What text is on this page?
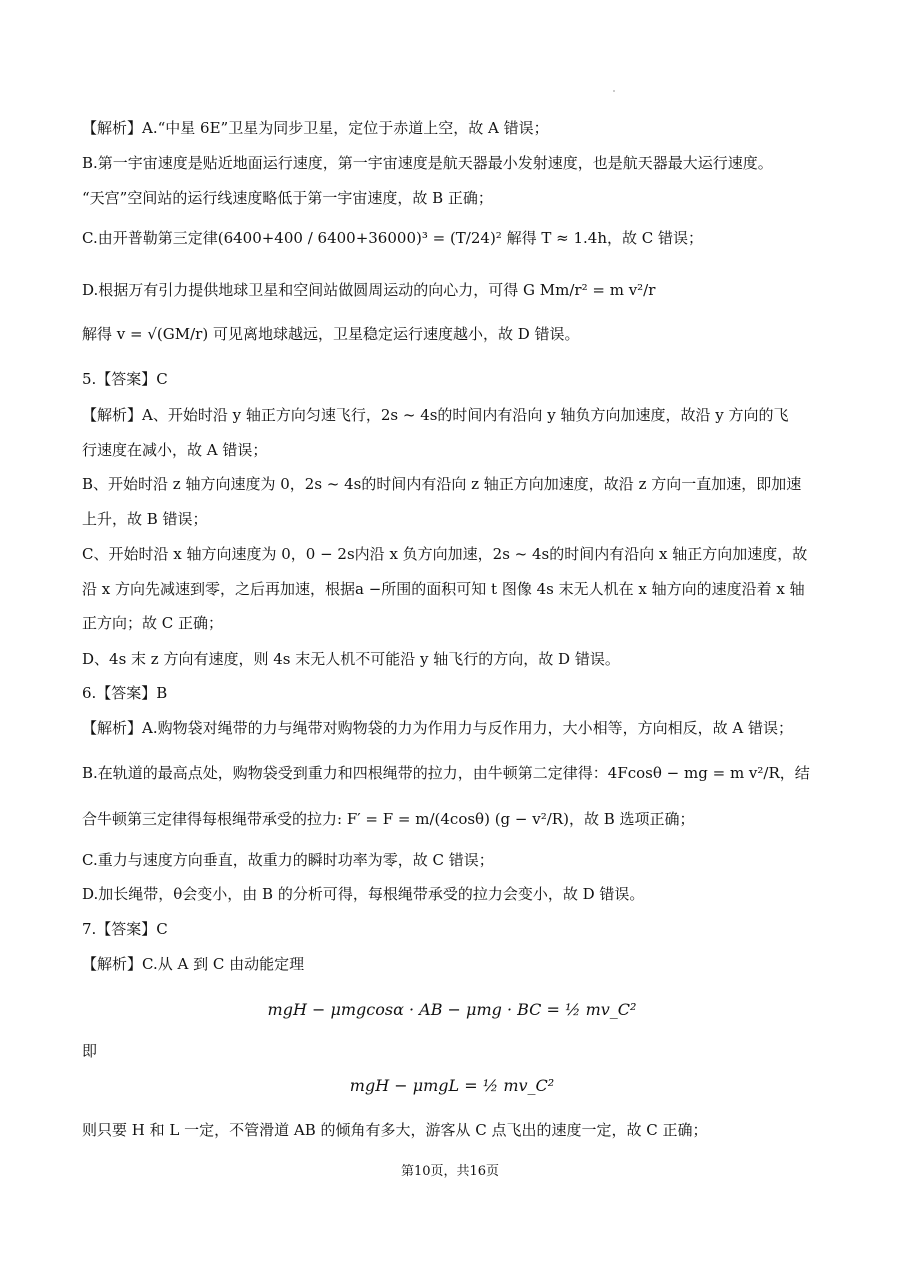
【解析】A.“中星 6E”卫星为同步卫星，定位于赤道上空，故 A 错误；
B.第一宇宙速度是贴近地面运行速度，第一宇宙速度是航天器最小发射速度，也是航天器最大运行速度。
“天宫”空间站的运行线速度略低于第一宇宙速度，故 B 正确；
C.由开普勒第三定律(6400+400 / 6400+36000)³ = (T/24)² 解得 T ≈ 1.4h，故 C 错误；
D.根据万有引力提供地球卫星和空间站做圆周运动的向心力，可得 G Mm/r² = m v²/r
解得 v = √(GM/r) 可见离地球越远，卫星稳定运行速度越小，故 D 错误。
5.【答案】C
【解析】A、开始时沿 y 轴正方向匀速飞行，2s ~ 4s的时间内有沿向 y 轴负方向加速度，故沿 y 方向的飞
行速度在减小，故 A 错误；
B、开始时沿 z 轴方向速度为 0，2s ~ 4s的时间内有沿向 z 轴正方向加速度，故沿 z 方向一直加速，即加速
上升，故 B 错误；
C、开始时沿 x 轴方向速度为 0，0 − 2s内沿 x 负方向加速，2s ~ 4s的时间内有沿向 x 轴正方向加速度，故
沿 x 方向先减速到零，之后再加速，根据a −所围的面积可知 t 图像 4s 末无人机在 x 轴方向的速度沿着 x 轴
正方向；故 C 正确；
D、4s 末 z 方向有速度，则 4s 末无人机不可能沿 y 轴飞行的方向，故 D 错误。
6.【答案】B
【解析】A.购物袋对绳带的力与绳带对购物袋的力为作用力与反作用力，大小相等，方向相反，故 A 错误；
B.在轨道的最高点处，购物袋受到重力和四根绳带的拉力，由牛顿第二定律得：4Fcosθ − mg = m v²/R，结
合牛顿第三定律得每根绳带承受的拉力: F′ = F = m/(4cosθ) (g − v²/R)，故 B 选项正确；
C.重力与速度方向垂直，故重力的瞬时功率为零，故 C 错误；
D.加长绳带，θ会变小，由 B 的分析可得，每根绳带承受的拉力会变小，故 D 错误。
7.【答案】C
【解析】C.从 A 到 C 由动能定理
mgH − μmgcosα · AB − μmg · BC = ½ mv_C²
即
mgH − μmgL = ½ mv_C²
则只要 H 和 L 一定，不管滑道 AB 的倾角有多大，游客从 C 点飞出的速度一定，故 C 正确；
第10页，共16页
